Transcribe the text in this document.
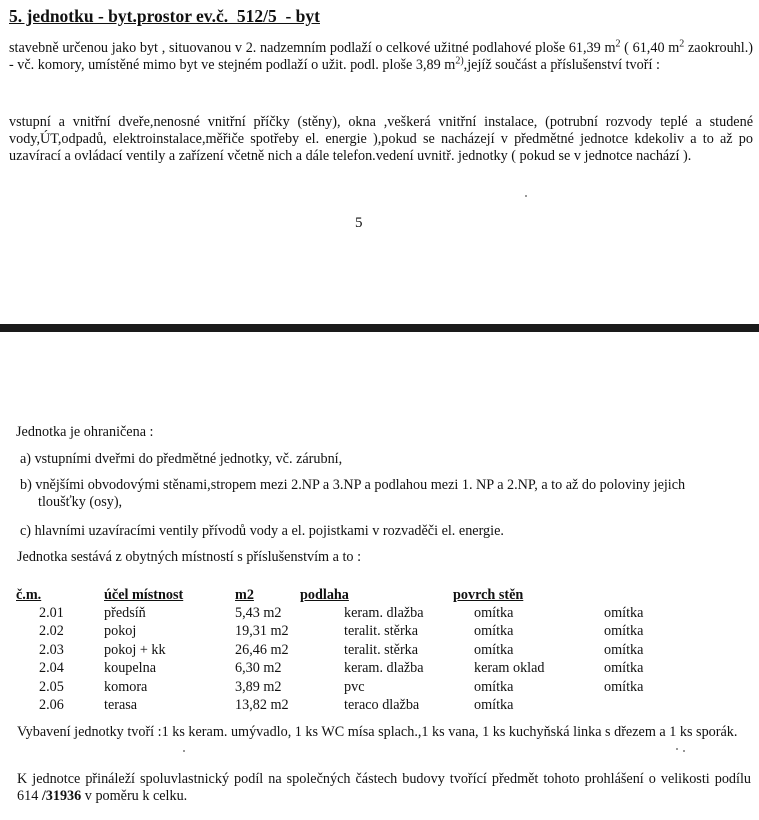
5. jednotku - byt.prostor ev.č.  512/5  - byt
stavebně určenou jako byt , situovanou v 2. nadzemním podlaží o celkové užitné podlahové ploše 61,39 $m^2$ ( 61,40 $m^2$ zaokrouhl.) - vč. komory, umístěné mimo byt ve stejném podlaží o užit. podl. ploše 3,89 $m^{2)},jejíž$ součást a příslušenství tvoří :
vstupní a vnitřní dveře,nenosné vnitřní příčky (stěny), okna ,veškerá vnitřní instalace, (potrubní rozvody teplé a studené vody,ÚT,odpadů, elektroinstalace,měřiče spotřeby el. energie ),pokud se nacházejí v předmětné jednotce kdekoliv a to až po uzavírací a ovládací ventily a zařízení včetně nich a dále telefon.vedení uvnitř. jednotky ( pokud se v jednotce nachází ).
5
Jednotka je ohraničena :
a) vstupními dveřmi do předmětné jednotky, vč. zárubní,
b) vnějšími obvodovými stěnami,stropem mezi 2.NP a 3.NP a podlahou mezi 1. NP a 2.NP, a to až do poloviny jejich tloušťky (osy),
c) hlavními uzavíracími ventily přívodů vody a el. pojistkami v rozvaděči el. energie.
Jednotka sestává z obytných místností s příslušenstvím a to :
č.m.	účel místnost	m2	podlaha	povrch stěn
2.01	předsíň	5,43 m2	keram. dlažba	omítka	omítka
2.02	pokoj	19,31 m2	teralit. stěrka	omítka	omítka
2.03	pokoj + kk	26,46 m2	teralit. stěrka	omítka	omítka
2.04	koupelna	6,30 m2	keram. dlažba	keram oklad	omítka
2.05	komora	3,89 m2	pvc	omítka	omítka
2.06	terasa	13,82 m2	teraco dlažba	omítka
Vybavení jednotky tvoří :1 ks keram. umývadlo, 1 ks WC mísa splach.,1 ks vana, 1 ks kuchyňská linka s dřezem a 1 ks sporák.
K jednotce přináleží spoluvlastnický podíl na společných částech budovy tvořící předmět tohoto prohlášení o velikosti podílu 614 /31936 v poměru k celku.
